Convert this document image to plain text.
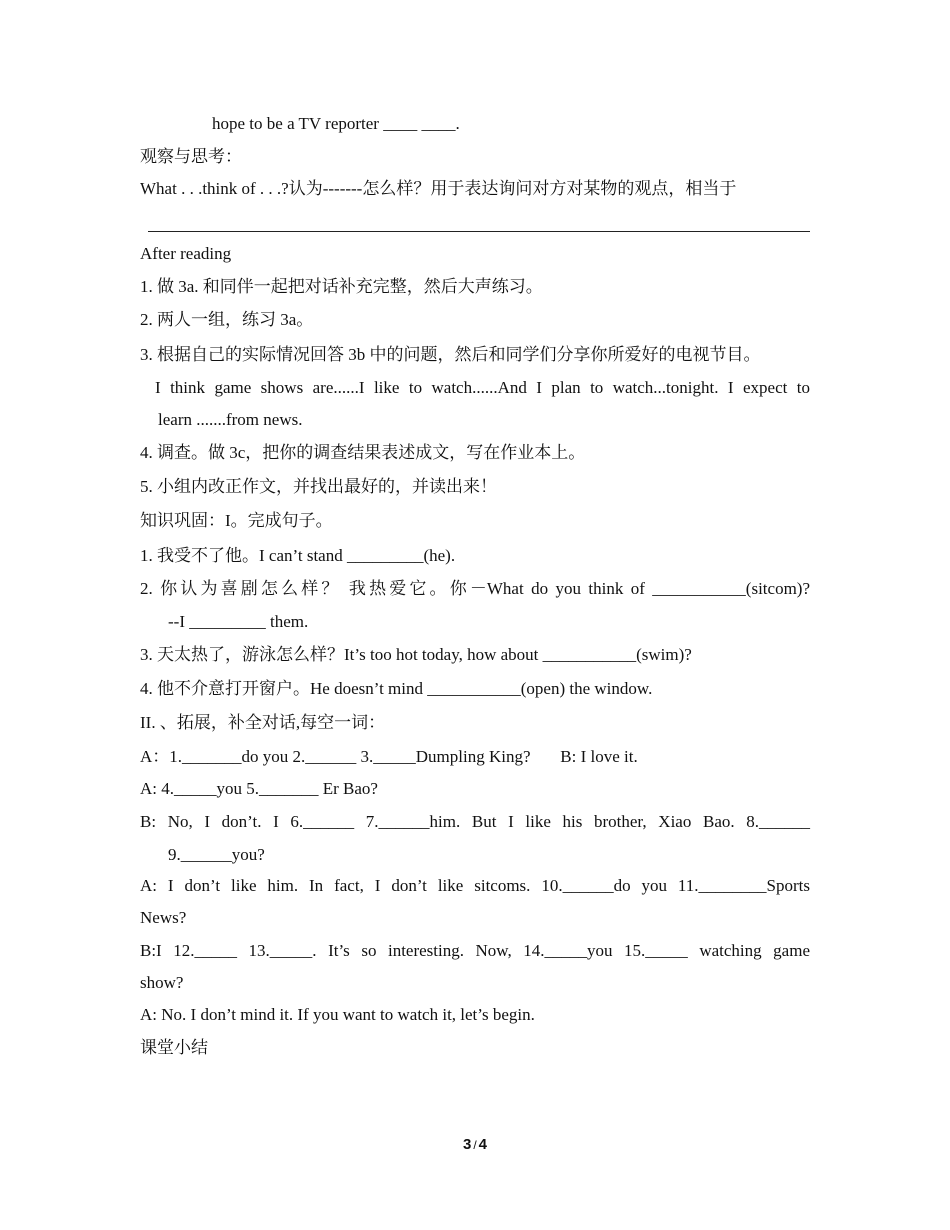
hope to be a TV reporter ____ ____.
观察与思考：
What . . .think of . . .?认为-------怎么样？用于表达询问对方对某物的观点，相当于
After reading
1. 做 3a. 和同伴一起把对话补充完整，然后大声练习。
2. 两人一组，练习 3a。
3. 根据自己的实际情况回答 3b 中的问题，然后和同学们分享你所爱好的电视节目。
I think game shows are......I like to watch......And I plan to watch...tonight. I expect to
learn .......from news.
4. 调查。做 3c，把你的调查结果表述成文，写在作业本上。
5. 小组内改正作文，并找出最好的，并读出来！
知识巩固：I。完成句子。
1. 我受不了他。I can’t stand _________(he).
2. 你认为喜剧怎么样？ 我热爱它。你－What do you think of ___________(sitcom)?
--I _________ them.
3. 天太热了，游泳怎么样？It’s too hot today, how about ___________(swim)?
4. 他不介意打开窗户。He doesn’t mind ___________(open) the window.
II. 、拓展，补全对话,每空一词：
A：1._______do you 2.______ 3._____Dumpling King?       B: I love it.
A: 4._____you 5._______ Er Bao?
B: No, I don’t. I 6.______ 7.______him. But I like his brother, Xiao Bao. 8.______
9.______you?
A: I don’t like him. In fact, I don’t like sitcoms. 10.______do you 11.________Sports
News?
B:I 12._____ 13._____. It’s so interesting. Now, 14._____you 15._____ watching game
show?
A: No. I don’t mind it. If you want to watch it, let’s begin.
课堂小结
3 / 4
